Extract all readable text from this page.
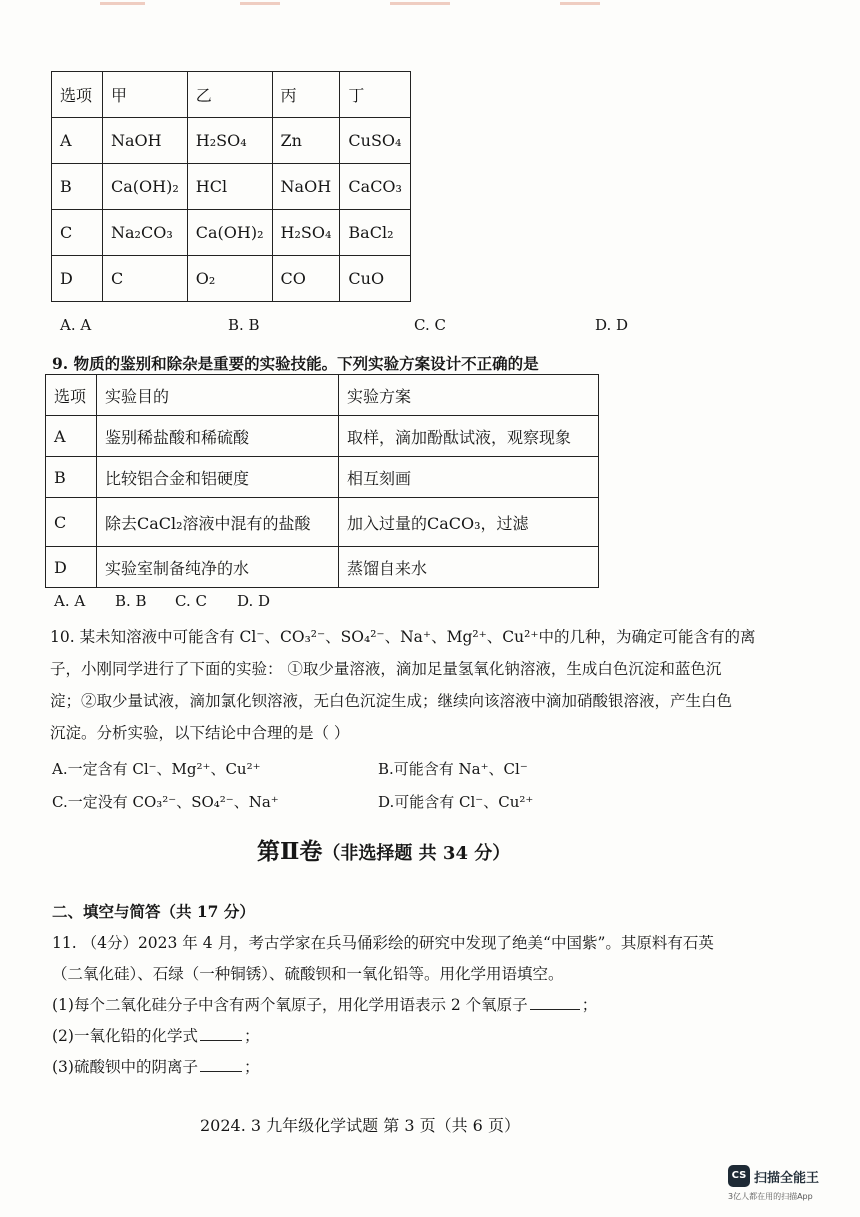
选项	甲	乙	丙	丁
A	NaOH	H₂SO₄	Zn	CuSO₄
B	Ca(OH)₂	HCl	NaOH	CaCO₃
C	Na₂CO₃	Ca(OH)₂	H₂SO₄	BaCl₂
D	C	O₂	CO	CuO
A. A	B. B	C. C	D. D
9. 物质的鉴别和除杂是重要的实验技能。下列实验方案设计不正确的是
选项	实验目的	实验方案
A	鉴别稀盐酸和稀硫酸	取样，滴加酚酞试液，观察现象
B	比较铝合金和铝硬度	相互刻画
C	除去CaCl₂溶液中混有的盐酸	加入过量的CaCO₃，过滤
D	实验室制备纯净的水	蒸馏自来水
A. A B. B C. C D. D
10. 某未知溶液中可能含有 Cl⁻、CO₃²⁻、SO₄²⁻、Na⁺、Mg²⁺、Cu²⁺中的几种，为确定可能含有的离
子，小刚同学进行了下面的实验： ①取少量溶液，滴加足量氢氧化钠溶液，生成白色沉淀和蓝色沉
淀；②取少量试液，滴加氯化钡溶液，无白色沉淀生成；继续向该溶液中滴加硝酸银溶液，产生白色
沉淀。分析实验，以下结论中合理的是（ ）
A.一定含有 Cl⁻、Mg²⁺、Cu²⁺	B.可能含有 Na⁺、Cl⁻
C.一定没有 CO₃²⁻、SO₄²⁻、Na⁺	D.可能含有 Cl⁻、Cu²⁺
第Ⅱ卷（非选择题 共 34 分）
二、填空与简答（共 17 分）
11. （4分）2023 年 4 月，考古学家在兵马俑彩绘的研究中发现了绝美“中国紫”。其原料有石英
（二氧化硅）、石绿（一种铜锈）、硫酸钡和一氧化铅等。用化学用语填空。
(1)每个二氧化硅分子中含有两个氧原子，用化学用语表示 2 个氧原子	；
(2)一氧化铅的化学式	；
(3)硫酸钡中的阴离子	；
2024. 3 九年级化学试题 第 3 页（共 6 页）
CS 扫描全能王
3亿人都在用的扫描App
